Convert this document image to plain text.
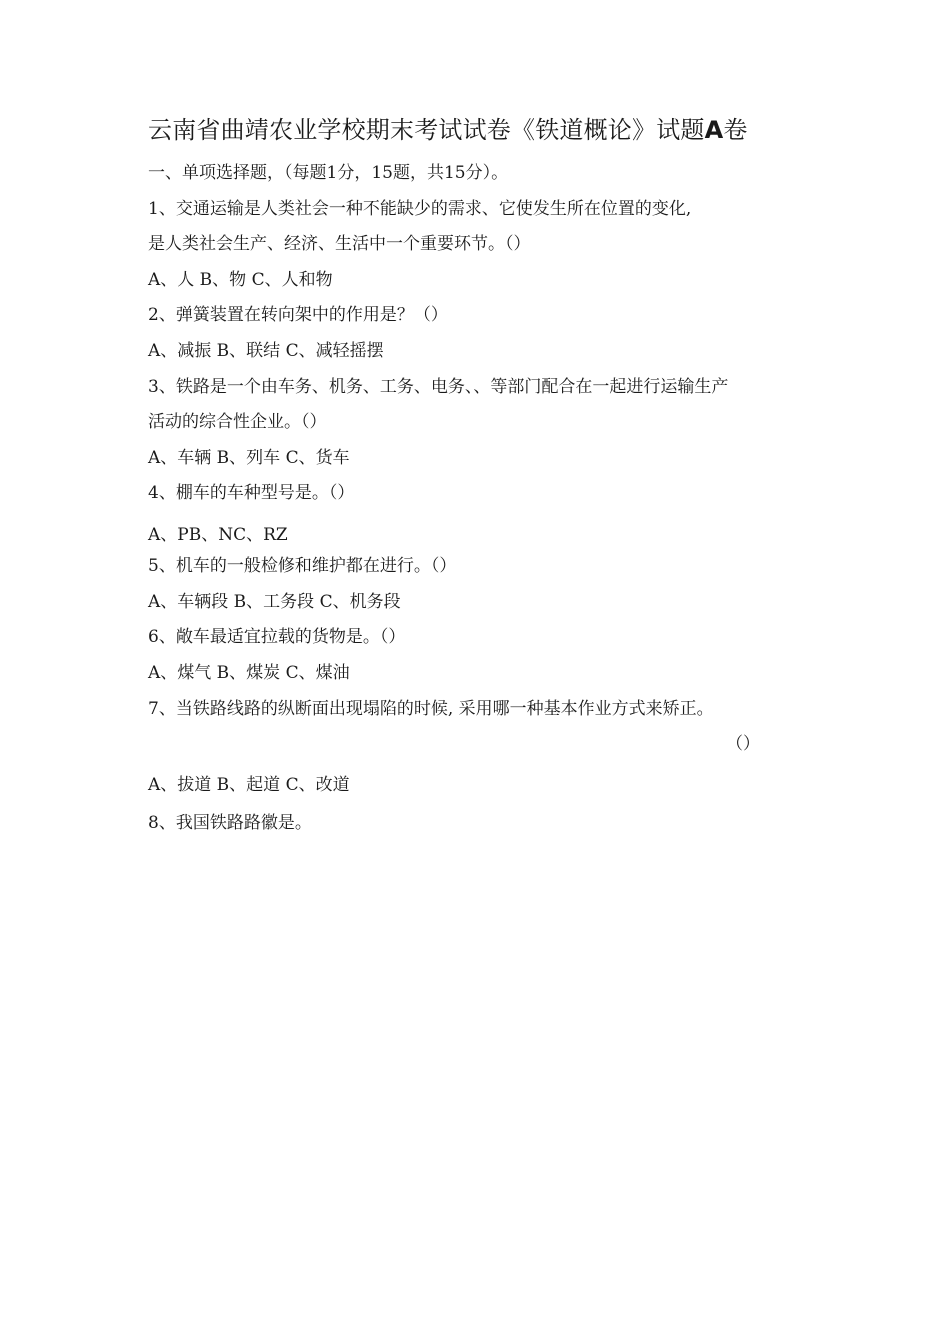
云南省曲靖农业学校期末考试试卷《铁道概论》试题A卷
一、单项选择题，（每题1分，15题，共15分）。
1、交通运输是人类社会一种不能缺少的需求、它使发生所在位置的变化,
是人类社会生产、经济、生活中一个重要环节。（）
A、人 B、物 C、人和物
2、弹簧装置在转向架中的作用是？（）
A、减振 B、联结 C、减轻摇摆
3、铁路是一个由车务、机务、工务、电务、、等部门配合在一起进行运输生产
活动的综合性企业。（）
A、车辆 B、列车 C、货车
4、棚车的车种型号是。（）
A、PB、NC、RZ
5、机车的一般检修和维护都在进行。（）
A、车辆段 B、工务段 C、机务段
6、敞车最适宜拉载的货物是。（）
A、煤气 B、煤炭 C、煤油
7、当铁路线路的纵断面出现塌陷的时候, 采用哪一种基本作业方式来矫正。
（）
A、拔道 B、起道 C、改道
8、我国铁路路徽是。
